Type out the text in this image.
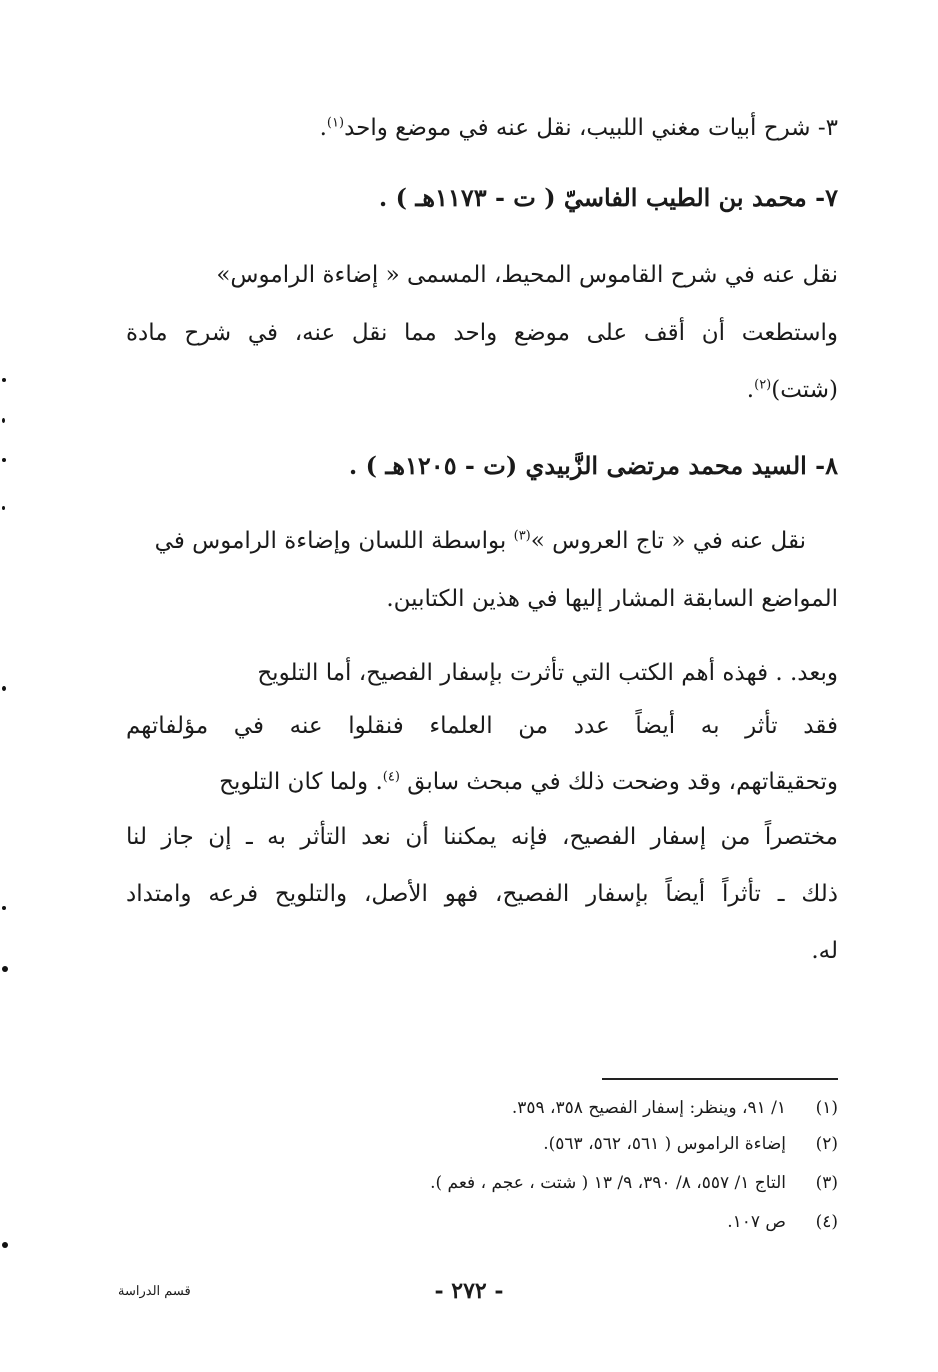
٣- شرح أبيات مغني اللبيب، نقل عنه في موضع واحد$^{(١)}$.
٧- محمد بن الطيب الفاسيّ ( ت - ١١٧٣هـ ) .
نقل عنه في شرح القاموس المحيط، المسمى « إضاءة الراموس»
واستطعت أن أقف على موضع واحد مما نقل عنه، في شرح مادة
(شتت)$^{(٢)}$.
٨- السيد محمد مرتضى الزَّبيدي (ت - ١٢٠٥هـ ) .
نقل عنه في « تاج العروس »$^{(٣)}$ بواسطة اللسان وإضاءة الراموس في
المواضع السابقة المشار إليها في هذين الكتابين.
وبعد. . فهذه أهم الكتب التي تأثرت بإسفار الفصيح، أما التلويح
فقد تأثر به أيضاً عدد من العلماء فنقلوا عنه في مؤلفاتهم
وتحقيقاتهم، وقد وضحت ذلك في مبحث سابق $^{(٤)}$. ولما كان التلويح
مختصراً من إسفار الفصيح، فإنه يمكننا أن نعد التأثر به ـ إن جاز لنا
ذلك ـ تأثراً أيضاً بإسفار الفصيح، فهو الأصل، والتلويح فرعه وامتداد
له.
(١)١/ ٩١، وينظر: إسفار الفصيح ٣٥٨، ٣٥٩.
(٢)إضاءة الراموس ( ٥٦١، ٥٦٢، ٥٦٣).
(٣)التاج ١/ ٥٥٧، ٨/ ٣٩٠، ٩/ ١٣ ( شتت ، عجم ، فعم ).
(٤)ص ١٠٧.
- ٢٧٢ -
قسم الدراسة
